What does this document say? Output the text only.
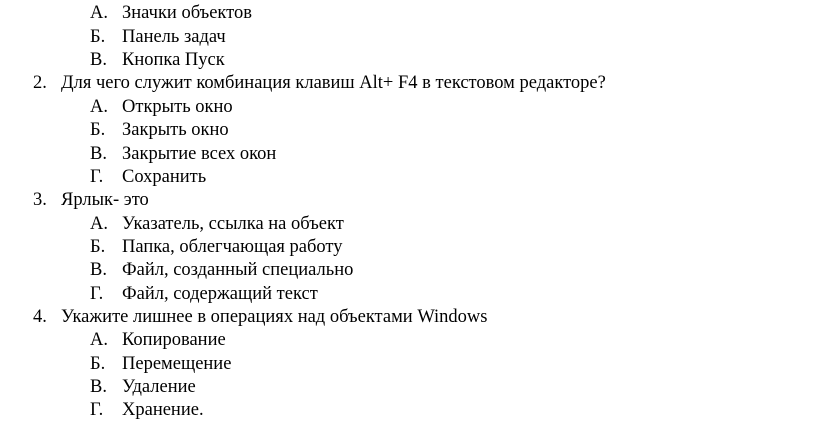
А. Значки объектов
Б. Панель задач
В. Кнопка Пуск
2. Для чего служит комбинация клавиш Alt+ F4 в текстовом редакторе?
А. Открыть окно
Б. Закрыть окно
В. Закрытие всех окон
Г. Сохранить
3. Ярлык- это
А. Указатель, ссылка на объект
Б. Папка, облегчающая работу
В. Файл, созданный специально
Г. Файл, содержащий текст
4. Укажите лишнее в операциях над объектами Windows
А. Копирование
Б. Перемещение
В. Удаление
Г. Хранение.
